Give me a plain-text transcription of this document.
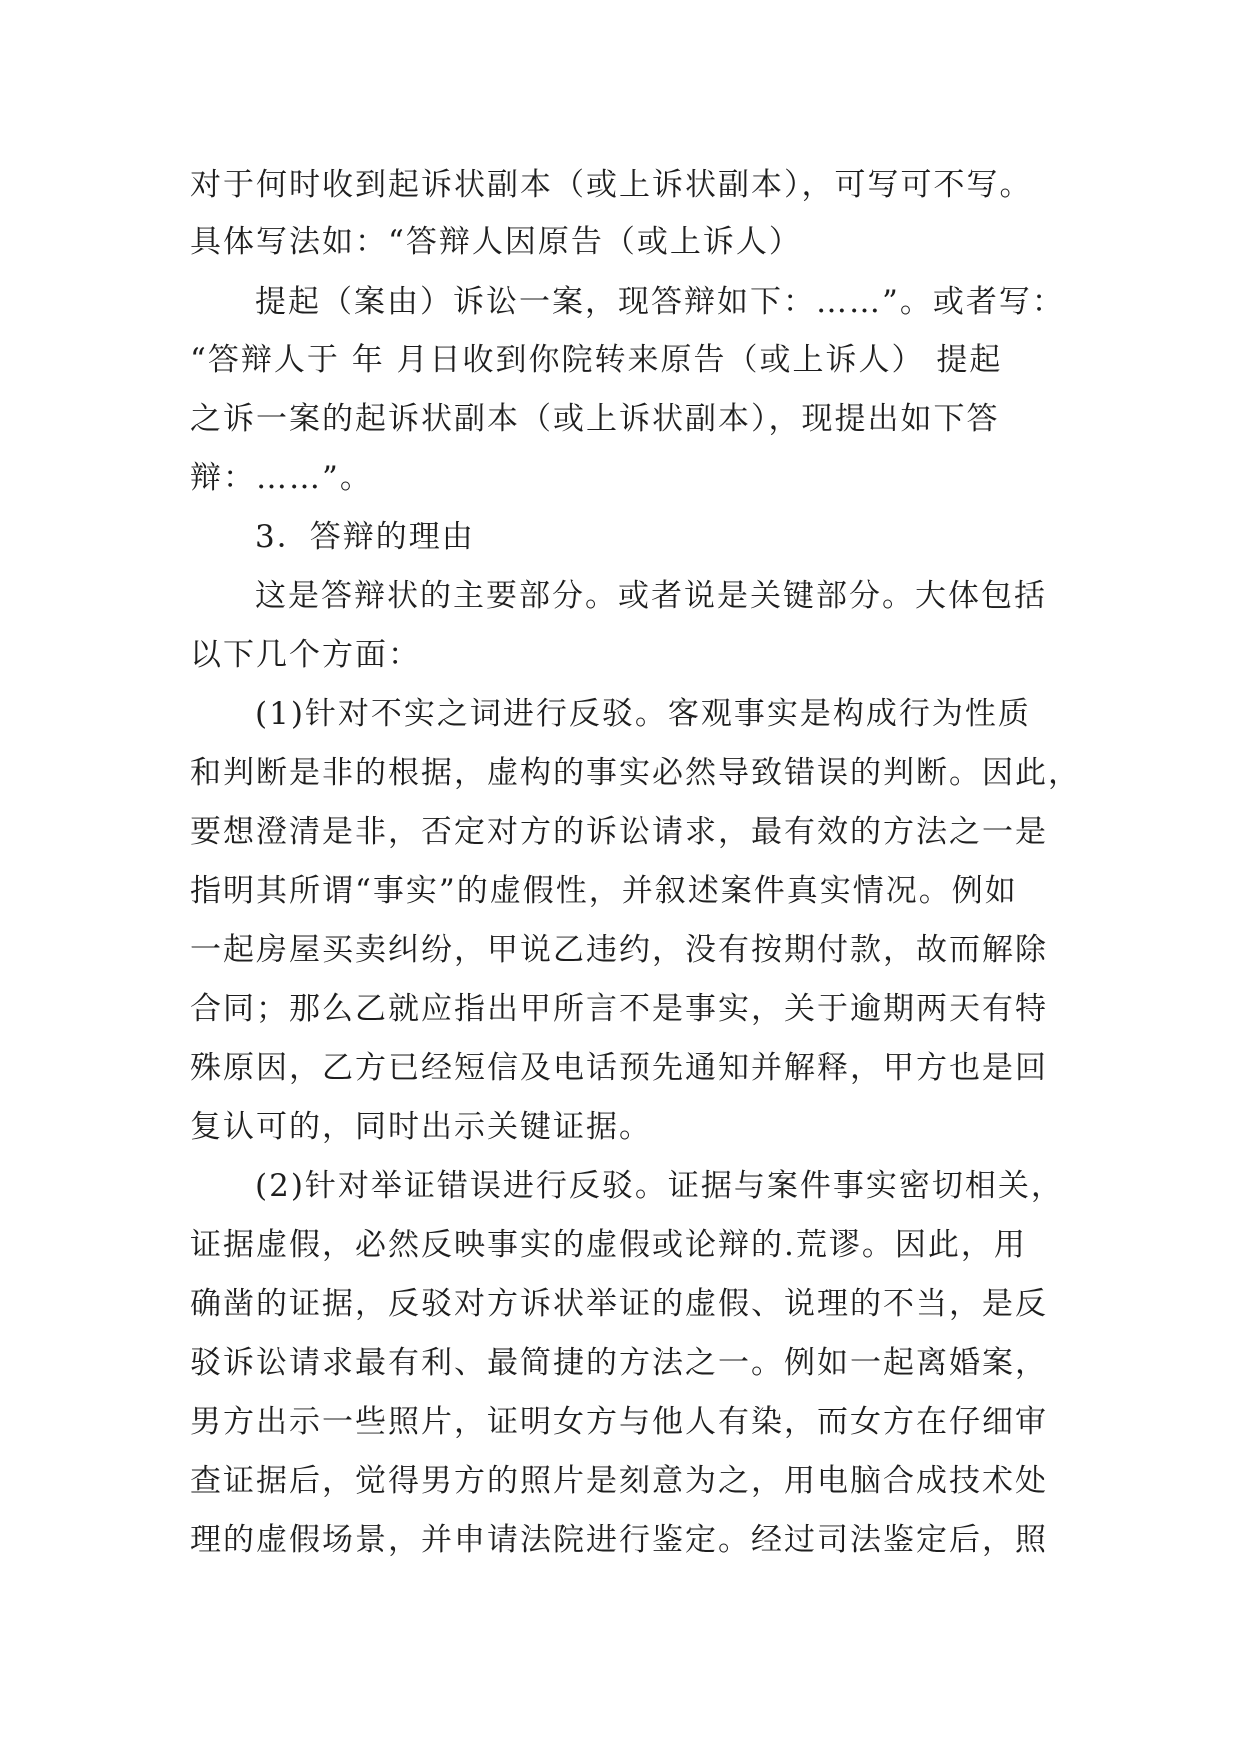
对于何时收到起诉状副本（或上诉状副本），可写可不写。
具体写法如：“答辩人因原告（或上诉人）
提起（案由）诉讼一案，现答辩如下：……”。或者写：
“答辩人于 年 月日收到你院转来原告（或上诉人） 提起
之诉一案的起诉状副本（或上诉状副本），现提出如下答
辩：……”。
3．答辩的理由
这是答辩状的主要部分。或者说是关键部分。大体包括
以下几个方面：
(1)针对不实之词进行反驳。客观事实是构成行为性质
和判断是非的根据，虚构的事实必然导致错误的判断。因此，
要想澄清是非，否定对方的诉讼请求，最有效的方法之一是
指明其所谓“事实”的虚假性，并叙述案件真实情况。例如
一起房屋买卖纠纷，甲说乙违约，没有按期付款，故而解除
合同；那么乙就应指出甲所言不是事实，关于逾期两天有特
殊原因，乙方已经短信及电话预先通知并解释，甲方也是回
复认可的，同时出示关键证据。
(2)针对举证错误进行反驳。证据与案件事实密切相关，
证据虚假，必然反映事实的虚假或论辩的.荒谬。因此，用
确凿的证据，反驳对方诉状举证的虚假、说理的不当，是反
驳诉讼请求最有利、最简捷的方法之一。例如一起离婚案，
男方出示一些照片，证明女方与他人有染，而女方在仔细审
查证据后，觉得男方的照片是刻意为之，用电脑合成技术处
理的虚假场景，并申请法院进行鉴定。经过司法鉴定后，照
